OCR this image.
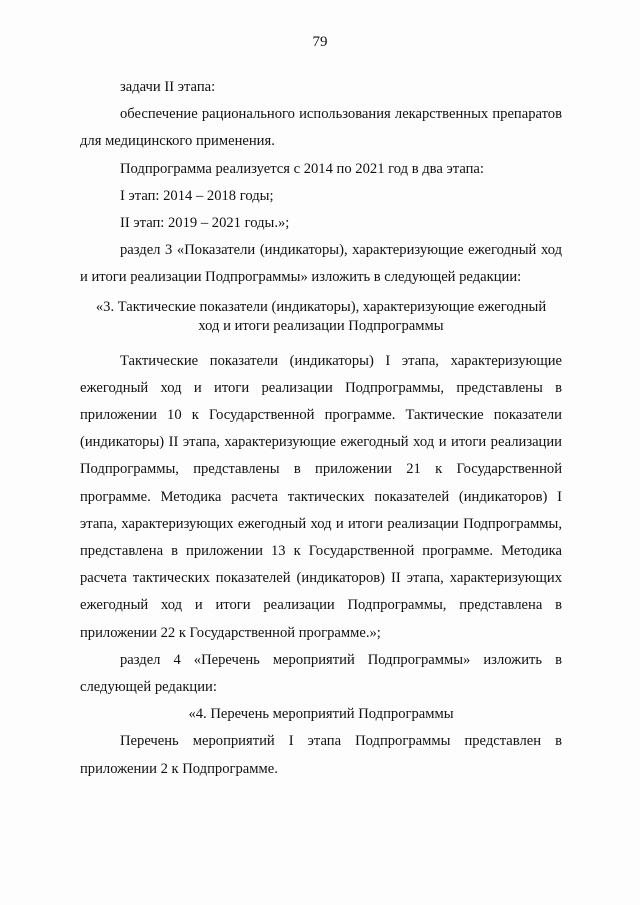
79

задачи II этапа:

обеспечение рационального использования лекарственных препаратов для медицинского применения.

Подпрограмма реализуется с 2014 по 2021 год в два этапа:

I этап: 2014 – 2018 годы;

II этап: 2019 – 2021 годы.»;

раздел 3 «Показатели (индикаторы), характеризующие ежегодный ход и итоги реализации Подпрограммы» изложить в следующей редакции:

«3. Тактические показатели (индикаторы), характеризующие ежегодный
ход и итоги реализации Подпрограммы

Тактические показатели (индикаторы) I этапа, характеризующие ежегодный ход и итоги реализации Подпрограммы, представлены в приложении 10 к Государственной программе. Тактические показатели (индикаторы) II этапа, характеризующие ежегодный ход и итоги реализации Подпрограммы, представлены в приложении 21 к Государственной программе. Методика расчета тактических показателей (индикаторов) I этапа, характеризующих ежегодный ход и итоги реализации Подпрограммы, представлена в приложении 13 к Государственной программе. Методика расчета тактических показателей (индикаторов) II этапа, характеризующих ежегодный ход и итоги реализации Подпрограммы, представлена в приложении 22 к Государственной программе.»;

раздел 4 «Перечень мероприятий Подпрограммы» изложить в следующей редакции:

«4. Перечень мероприятий Подпрограммы

Перечень мероприятий I этапа Подпрограммы представлен в приложении 2 к Подпрограмме.
